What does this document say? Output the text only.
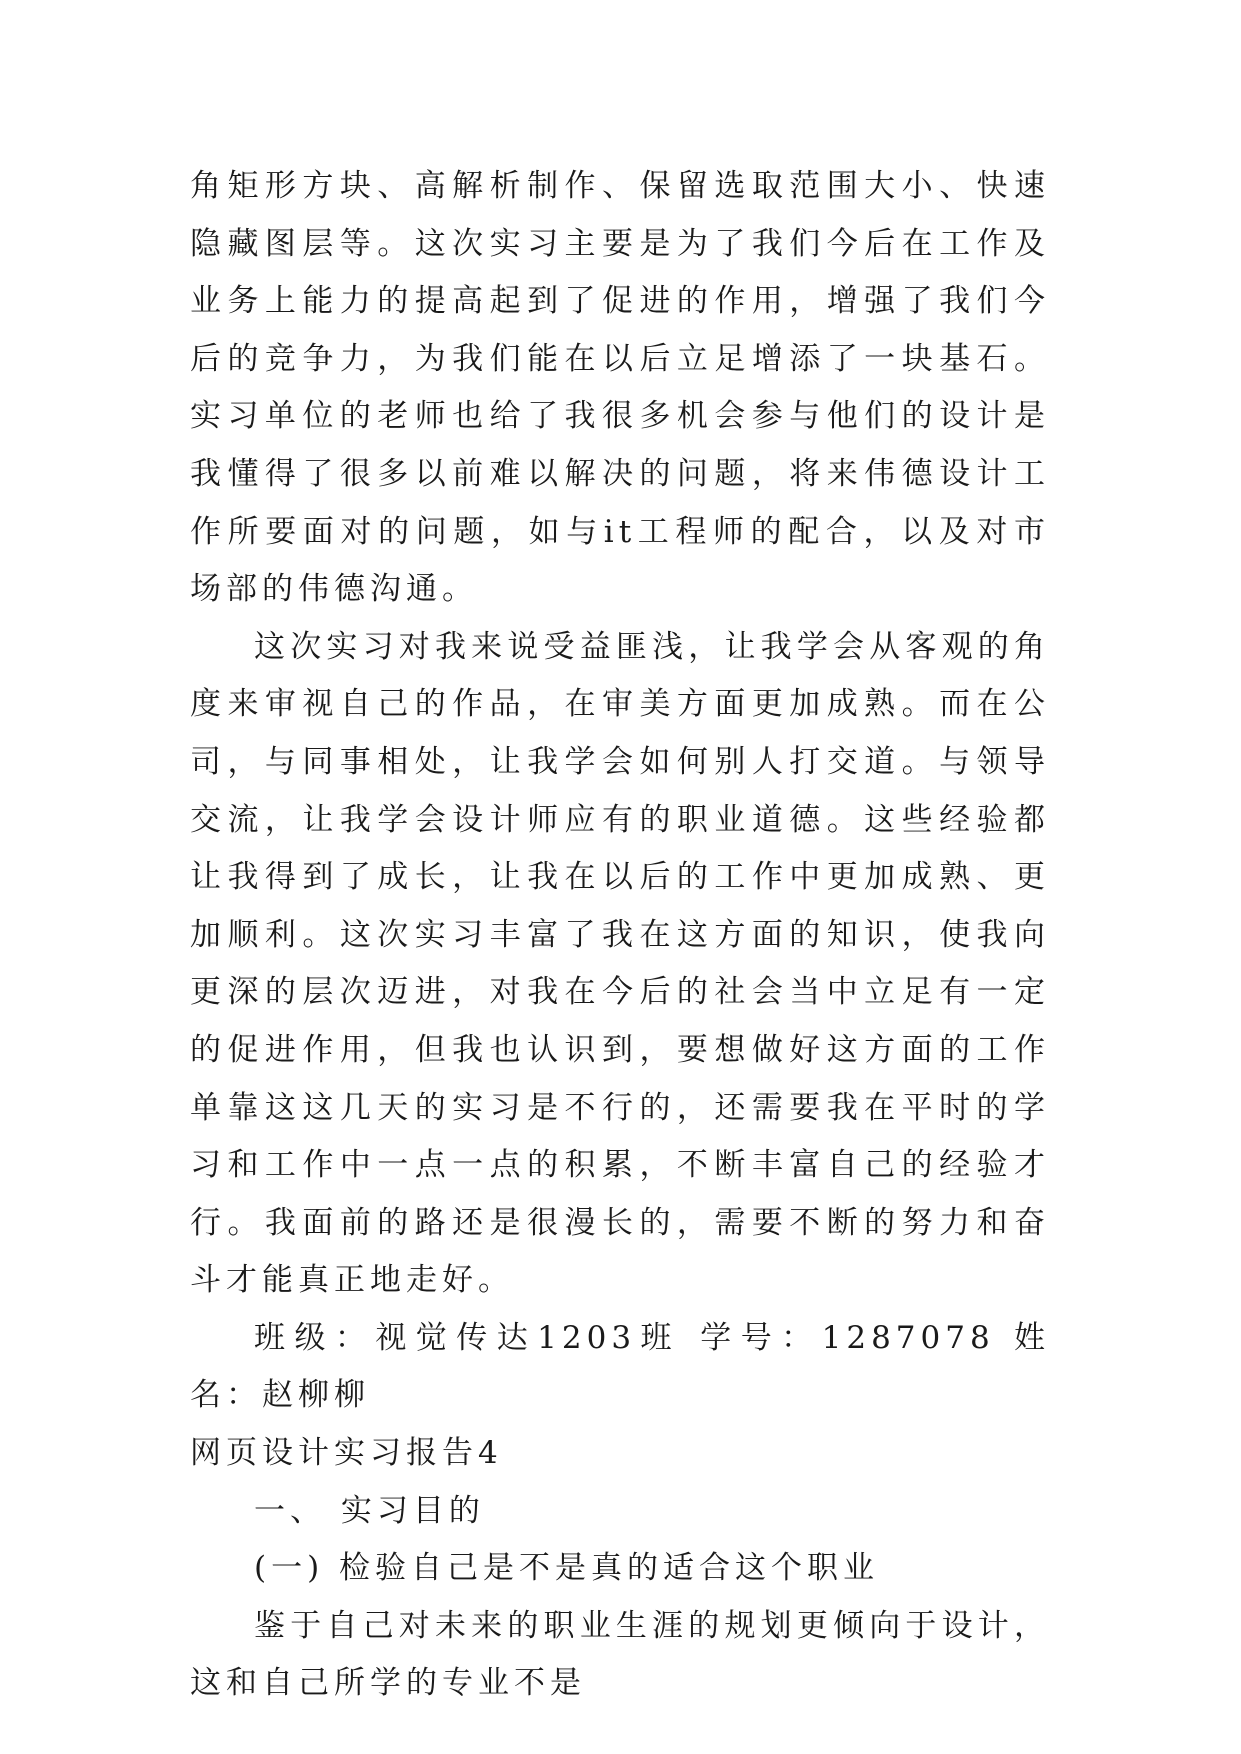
角矩形方块、高解析制作、保留选取范围大小、快速隐藏图层等。这次实习主要是为了我们今后在工作及业务上能力的提高起到了促进的作用，增强了我们今后的竞争力，为我们能在以后立足增添了一块基石。实习单位的老师也给了我很多机会参与他们的设计是我懂得了很多以前难以解决的问题，将来伟德设计工作所要面对的问题，如与it工程师的配合，以及对市场部的伟德沟通。

这次实习对我来说受益匪浅，让我学会从客观的角度来审视自己的作品，在审美方面更加成熟。而在公司，与同事相处，让我学会如何别人打交道。与领导交流，让我学会设计师应有的职业道德。这些经验都让我得到了成长，让我在以后的工作中更加成熟、更加顺利。这次实习丰富了我在这方面的知识，使我向更深的层次迈进，对我在今后的社会当中立足有一定的促进作用，但我也认识到，要想做好这方面的工作单靠这这几天的实习是不行的，还需要我在平时的学习和工作中一点一点的积累，不断丰富自己的经验才行。我面前的路还是很漫长的，需要不断的努力和奋斗才能真正地走好。

班级：视觉传达1203班 学号：1287078 姓名：赵柳柳

网页设计实习报告4

一、 实习目的

(一) 检验自己是不是真的适合这个职业

鉴于自己对未来的职业生涯的规划更倾向于设计，这和自己所学的专业不是
